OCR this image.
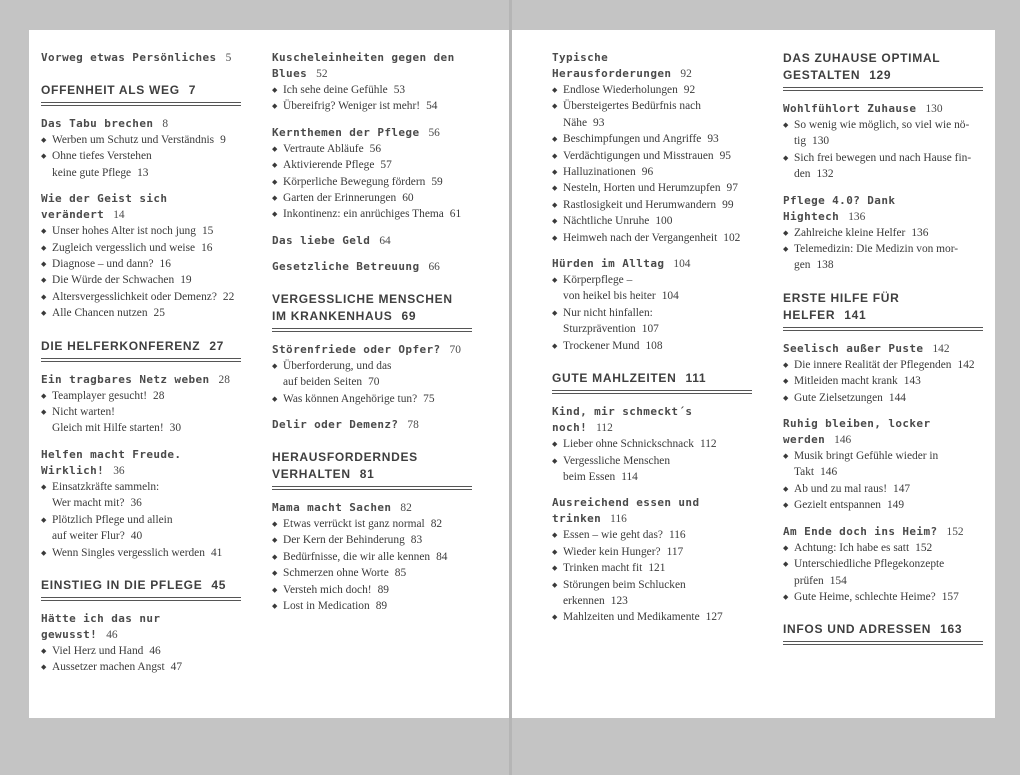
Vorweg etwas Persönliches 5
OFFENHEIT ALS WEG 7
Das Tabu brechen 8
◆ Werben um Schutz und Verständnis 9
◆ Ohne tiefes Verstehen
keine gute Pflege 13
Wie der Geist sich verändert 14
◆ Unser hohes Alter ist noch jung 15
◆ Zugleich vergesslich und weise 16
◆ Diagnose – und dann? 16
◆ Die Würde der Schwachen 19
◆ Altersvergesslichkeit oder Demenz? 22
◆ Alle Chancen nutzen 25
DIE HELFERKONFERENZ 27
Ein tragbares Netz weben 28
◆ Teamplayer gesucht! 28
◆ Nicht warten!
Gleich mit Hilfe starten! 30
Helfen macht Freude. Wirklich! 36
◆ Einsatzkräfte sammeln:
Wer macht mit? 36
◆ Plötzlich Pflege und allein
auf weiter Flur? 40
◆ Wenn Singles vergesslich werden 41
EINSTIEG IN DIE PFLEGE 45
Hätte ich das nur gewusst! 46
◆ Viel Herz und Hand 46
◆ Aussetzer machen Angst 47
Kuscheleinheiten gegen den Blues 52
◆ Ich sehe deine Gefühle 53
◆ Übereifrig? Weniger ist mehr! 54
Kernthemen der Pflege 56
◆ Vertraute Abläufe 56
◆ Aktivierende Pflege 57
◆ Körperliche Bewegung fördern 59
◆ Garten der Erinnerungen 60
◆ Inkontinenz: ein anrüchiges Thema 61
Das liebe Geld 64
Gesetzliche Betreuung 66
VERGESSLICHE MENSCHEN
IM KRANKENHAUS 69
Störenfriede oder Opfer? 70
◆ Überforderung, und das
auf beiden Seiten 70
◆ Was können Angehörige tun? 75
Delir oder Demenz? 78
HERAUSFORDERNDES
VERHALTEN 81
Mama macht Sachen 82
◆ Etwas verrückt ist ganz normal 82
◆ Der Kern der Behinderung 83
◆ Bedürfnisse, die wir alle kennen 84
◆ Schmerzen ohne Worte 85
◆ Versteh mich doch! 89
◆ Lost in Medication 89
Typische Herausforderungen 92
◆ Endlose Wiederholungen 92
◆ Übersteigertes Bedürfnis nach
Nähe 93
◆ Beschimpfungen und Angriffe 93
◆ Verdächtigungen und Misstrauen 95
◆ Halluzinationen 96
◆ Nesteln, Horten und Herumzupfen 97
◆ Rastlosigkeit und Herumwandern 99
◆ Nächtliche Unruhe 100
◆ Heimweh nach der Vergangenheit 102
Hürden im Alltag 104
◆ Körperpflege –
von heikel bis heiter 104
◆ Nur nicht hinfallen:
Sturzprävention 107
◆ Trockener Mund 108
GUTE MAHLZEITEN 111
Kind, mir schmeckt´s noch! 112
◆ Lieber ohne Schnickschnack 112
◆ Vergessliche Menschen
beim Essen 114
Ausreichend essen und trinken 116
◆ Essen – wie geht das? 116
◆ Wieder kein Hunger? 117
◆ Trinken macht fit 121
◆ Störungen beim Schlucken
erkennen 123
◆ Mahlzeiten und Medikamente 127
DAS ZUHAUSE OPTIMAL
GESTALTEN 129
Wohlfühlort Zuhause 130
◆ So wenig wie möglich, so viel wie nö-
tig 130
◆ Sich frei bewegen und nach Hause fin-
den 132
Pflege 4.0? Dank Hightech 136
◆ Zahlreiche kleine Helfer 136
◆ Telemedizin: Die Medizin von mor-
gen 138
ERSTE HILFE FÜR HELFER 141
Seelisch außer Puste 142
◆ Die innere Realität der Pflegenden 142
◆ Mitleiden macht krank 143
◆ Gute Zielsetzungen 144
Ruhig bleiben, locker werden 146
◆ Musik bringt Gefühle wieder in
Takt 146
◆ Ab und zu mal raus! 147
◆ Gezielt entspannen 149
Am Ende doch ins Heim? 152
◆ Achtung: Ich habe es satt 152
◆ Unterschiedliche Pflegekonzepte
prüfen 154
◆ Gute Heime, schlechte Heime? 157
INFOS UND ADRESSEN 163
